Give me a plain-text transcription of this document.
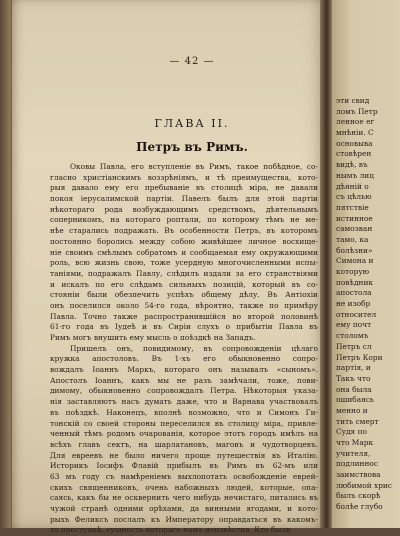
— 42 —
ГЛАВА II.
Петръ въ Римъ.
Оковы Павла, его вступленіе въ Римъ, такое побѣдное, со-
гласно христіанскимъ воззрѣніямъ, и тѣ преимущества, кото-
рыя давало ему его пребываніе въ столицѣ міра, не давали
покоя іерусалимской партіи. Павелъ былъ для этой партіи
нѣкотораго рода возбуждающимъ средствомъ, дѣятельнымъ
соперникомъ, на котораго роптали, по которому тѣмъ не ме-
нѣе старались подражать. Въ особенности Петръ, въ которомъ
постоянно боролись между собою живѣйшее личное восхище-
ніе своимъ смѣлымъ собратомъ и сообщаемая ему окружающими
роль, всю жизнь свою, тоже усердную многочисленными испы-
таніями, подражалъ Павлу, слѣдилъ издали за его странствіями
и искалъ по его слѣдамъ сильныхъ позицій, который въ со-
стояніи были обезпечить успѣхъ общему дѣлу. Въ Антіохіи
онъ поселился около 54-го года, вѣроятно, также по примѣру
Павла. Точно также распространившійся во второй половинѣ
61-го года въ Іудеѣ и въ Сиріи слухъ о прибытіи Павла въ
Римъ могъ внушить ему мысль о поѣздкѣ на Западъ.
Пришелъ онъ, повидимому, въ сопровожденіи цѣлаго
кружка апостоловъ. Въ 1-хъ его обыкновенно сопро-
вождалъ Іоаннъ Маркъ, котораго онъ называлъ «сыномъ».
Апостолъ Іоаннъ, какъ мы не разъ замѣчали, тоже, пови-
димому, обыкновенно сопровождалъ Петра. Нѣкоторыя указа-
нія заставляютъ насъ думать даже, что и Варнава участвовалъ
въ поѣздкѣ. Наконецъ, вполнѣ возможно, что и Симонъ Ги-
тонскій со своей стороны переселился въ столицу міра, привле-
ченный тѣмъ родомъ очарованія, которое этотъ городъ имѣлъ на
всѣхъ главъ сектъ, на шарлатановъ, маговъ и чудотворцевъ.
Для евреевъ не было ничего проще путешествія въ Италію.
Историкъ Іосифъ Флавій прибылъ въ Римъ въ 62-мъ или
63 мъ году съ намѣреніемъ выхлопотать освобожденіе еврей-
скихъ священниковъ, очень набожныхъ людей, которые, опа-
саясь, какъ бы не осквернить чего нибудь нечистаго, питались въ
чужой странѣ одними орѣхами, да винными ягодами, и кото-
рыхъ Феликсъ послалъ къ Императору оправдаться въ какомъ-
то проступкѣ, сущность котораго намъ неизвѣстна. Кто были
эти свид
ломъ Петр
ленное ег
мнѣніи. С
основыва
стовѣрен
видѣ, въ
нымъ лиц
дѣяній о
съ цѣлью
пятствіе
истинное
самозван
тамо, ка
болѣзни»
Симона и
которую
повѣдник
апостола
не изобр
относител
ему почт
столомъ
Петръ сл
Петръ Кори
партія, и
Такъ что
она была
ошибаясь
менно и
тить смерт
Судя по
что Марк
учителя,
подлиннос
заимствова
любимой хрис
былъ скорѣ
болѣе глубо
